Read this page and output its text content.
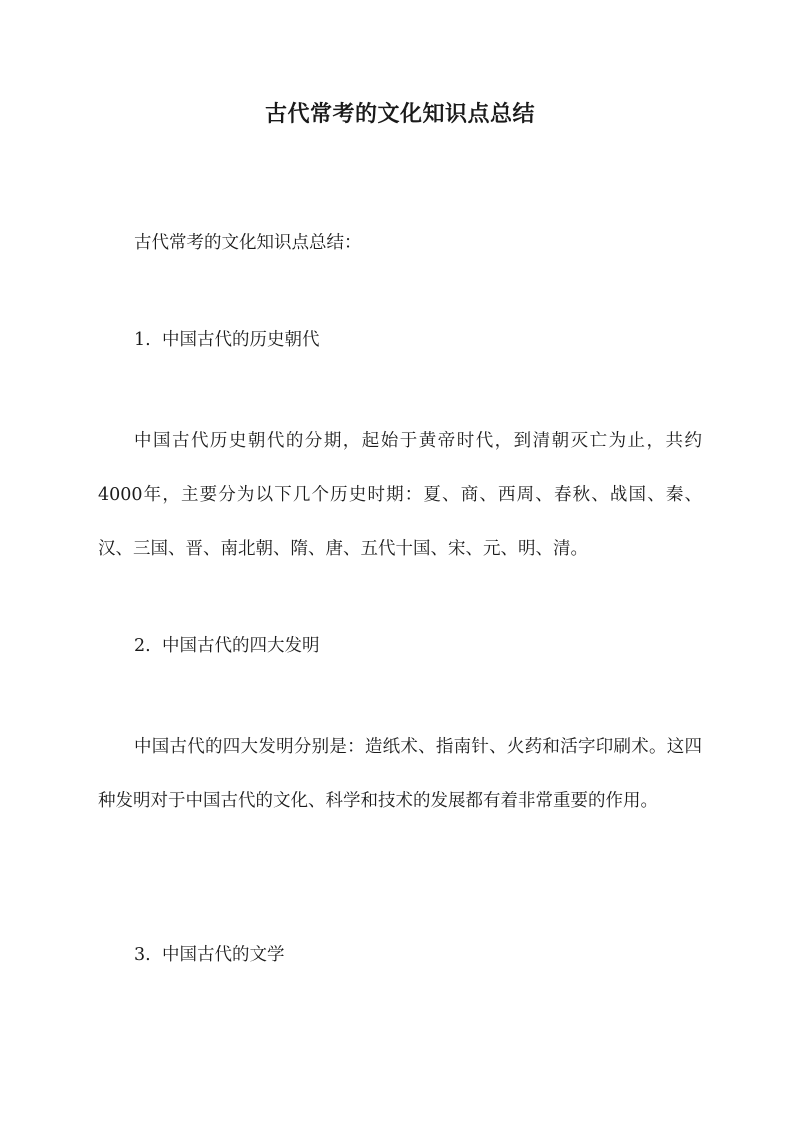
古代常考的文化知识点总结

古代常考的文化知识点总结：

1. 中国古代的历史朝代

中国古代历史朝代的分期，起始于黄帝时代，到清朝灭亡为止，共约4000年，主要分为以下几个历史时期：夏、商、西周、春秋、战国、秦、汉、三国、晋、南北朝、隋、唐、五代十国、宋、元、明、清。

2. 中国古代的四大发明

中国古代的四大发明分别是：造纸术、指南针、火药和活字印刷术。这四种发明对于中国古代的文化、科学和技术的发展都有着非常重要的作用。

3. 中国古代的文学
